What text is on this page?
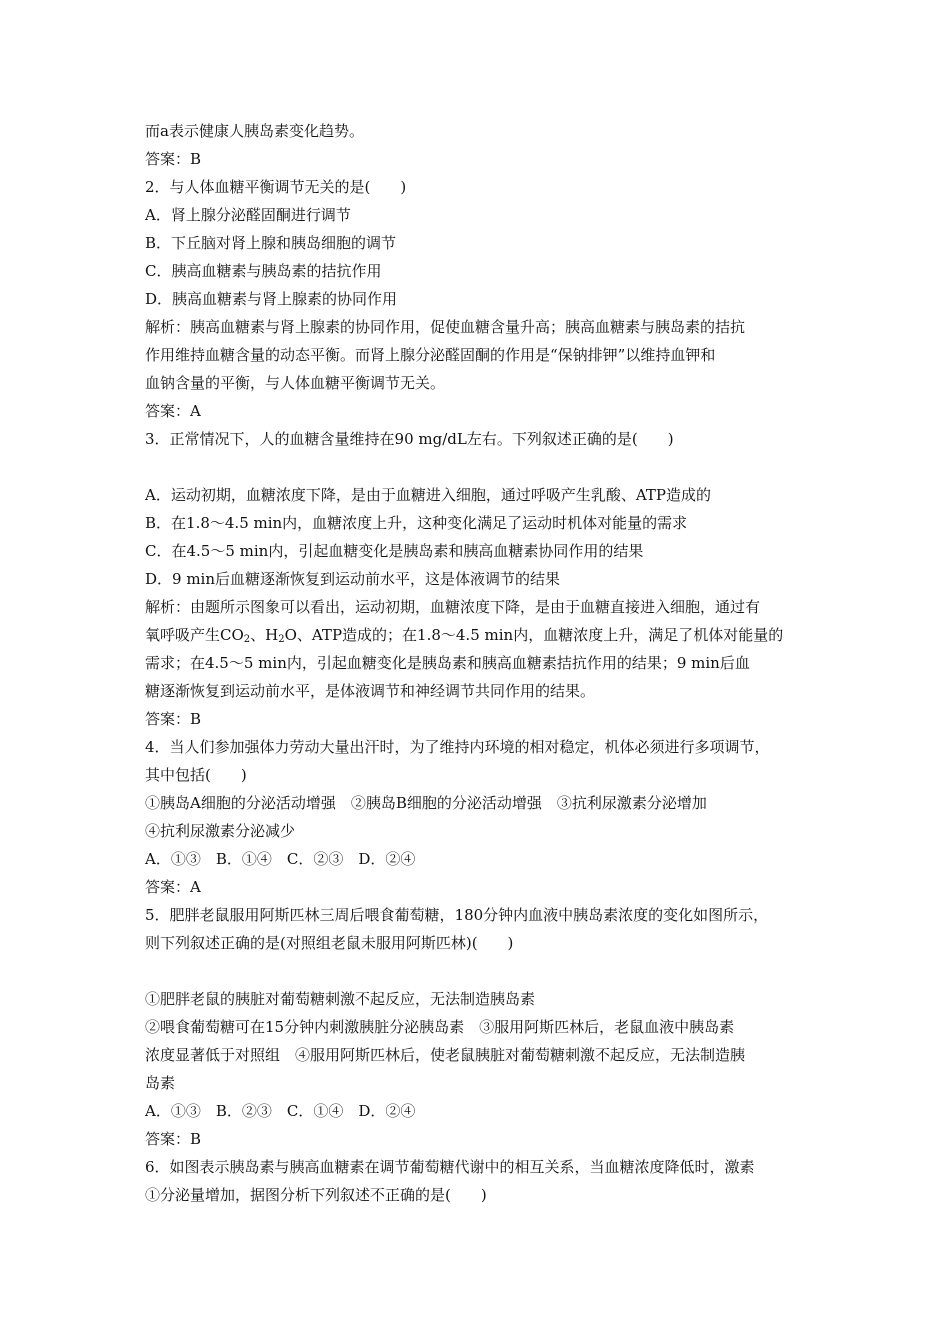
而a表示健康人胰岛素变化趋势。
答案：B
2．与人体血糖平衡调节无关的是(　　)
A．肾上腺分泌醛固酮进行调节
B．下丘脑对肾上腺和胰岛细胞的调节
C．胰高血糖素与胰岛素的拮抗作用
D．胰高血糖素与肾上腺素的协同作用
解析：胰高血糖素与肾上腺素的协同作用，促使血糖含量升高；胰高血糖素与胰岛素的拮抗
作用维持血糖含量的动态平衡。而肾上腺分泌醛固酮的作用是“保钠排钾”以维持血钾和
血钠含量的平衡，与人体血糖平衡调节无关。
答案：A
3．正常情况下，人的血糖含量维持在90 mg/dL左右。下列叙述正确的是(　　)
A．运动初期，血糖浓度下降，是由于血糖进入细胞，通过呼吸产生乳酸、ATP造成的
B．在1.8～4.5 min内，血糖浓度上升，这种变化满足了运动时机体对能量的需求
C．在4.5～5 min内，引起血糖变化是胰岛素和胰高血糖素协同作用的结果
D．9 min后血糖逐渐恢复到运动前水平，这是体液调节的结果
解析：由题所示图象可以看出，运动初期，血糖浓度下降，是由于血糖直接进入细胞，通过有
氧呼吸产生$CO_2$、$H_2O$、ATP造成的；在1.8～4.5 min内，血糖浓度上升，满足了机体对能量的
需求；在4.5～5 min内，引起血糖变化是胰岛素和胰高血糖素拮抗作用的结果；9 min后血
糖逐渐恢复到运动前水平，是体液调节和神经调节共同作用的结果。
答案：B
4．当人们参加强体力劳动大量出汗时，为了维持内环境的相对稳定，机体必须进行多项调节，
其中包括(　　)
①胰岛A细胞的分泌活动增强　②胰岛B细胞的分泌活动增强　③抗利尿激素分泌增加
④抗利尿激素分泌减少
A．①③　B．①④　C．②③　D．②④
答案：A
5．肥胖老鼠服用阿斯匹林三周后喂食葡萄糖，180分钟内血液中胰岛素浓度的变化如图所示，
则下列叙述正确的是(对照组老鼠未服用阿斯匹林)(　　)
①肥胖老鼠的胰脏对葡萄糖刺激不起反应，无法制造胰岛素
②喂食葡萄糖可在15分钟内刺激胰脏分泌胰岛素　③服用阿斯匹林后，老鼠血液中胰岛素
浓度显著低于对照组　④服用阿斯匹林后，使老鼠胰脏对葡萄糖刺激不起反应，无法制造胰
岛素
A．①③　B．②③　C．①④　D．②④
答案：B
6．如图表示胰岛素与胰高血糖素在调节葡萄糖代谢中的相互关系，当血糖浓度降低时，激素
①分泌量增加，据图分析下列叙述不正确的是(　　)
